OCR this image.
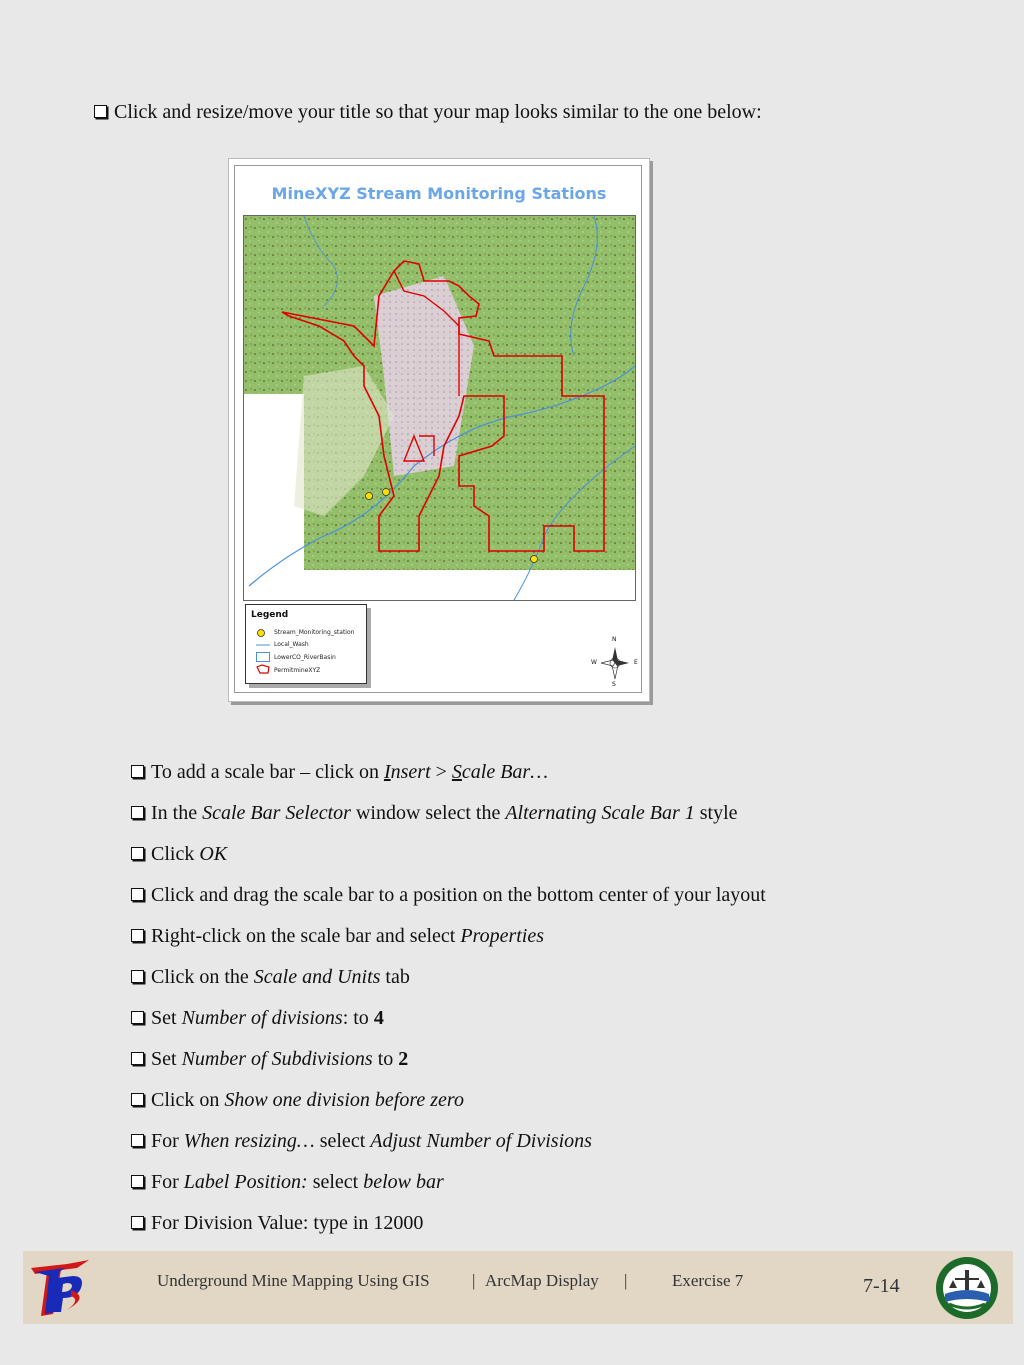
Click and resize/move your title so that your map looks similar to the one below:
MineXYZ Stream Monitoring Stations
Legend
Stream_Monitoring_station
Local_Wash
LowerCO_RiverBasin
PermitmineXYZ
N
S
W	E
To add a scale bar – click on Insert > Scale Bar…
In the Scale Bar Selector window select the Alternating Scale Bar 1 style
Click OK
Click and drag the scale bar to a position on the bottom center of your layout
Right-click on the scale bar and select Properties
Click on the Scale and Units tab
Set Number of divisions: to 4
Set Number of Subdivisions to 2
Click on Show one division before zero
For When resizing… select Adjust Number of Divisions
For Label Position: select below bar
For Division Value: type in 12000
Underground Mine Mapping Using GIS | ArcMap Display |	Exercise 7	7-14
